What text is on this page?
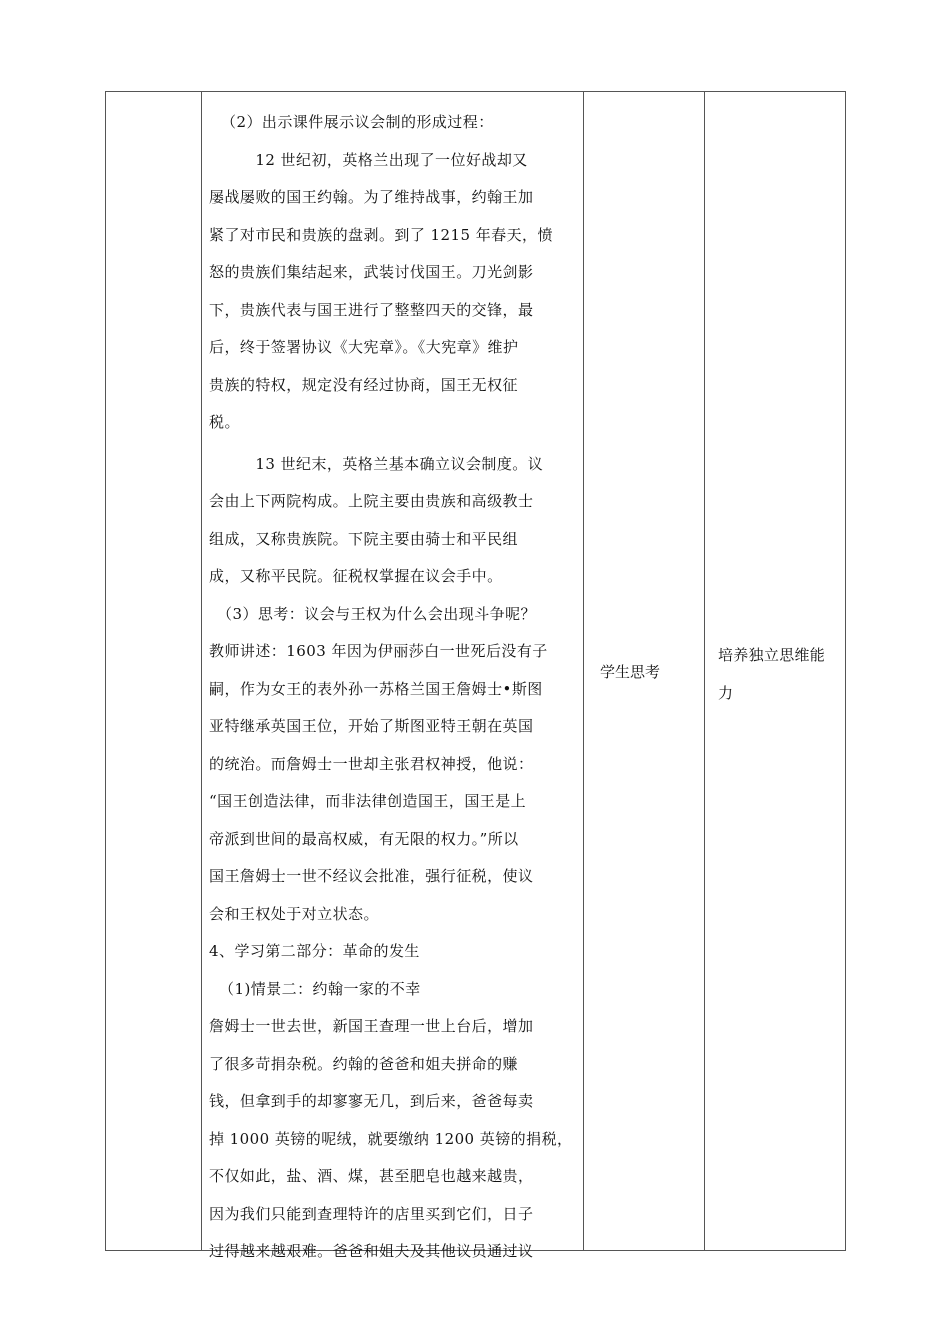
（2）出示课件展示议会制的形成过程：
　　　12 世纪初，英格兰出现了一位好战却又
屡战屡败的国王约翰。为了维持战事，约翰王加
紧了对市民和贵族的盘剥。到了 1215 年春天，愤
怒的贵族们集结起来，武装讨伐国王。刀光剑影
下，贵族代表与国王进行了整整四天的交锋，最
后，终于签署协议《大宪章》。《大宪章》维护
贵族的特权，规定没有经过协商，国王无权征
税。
　　　13 世纪末，英格兰基本确立议会制度。议
会由上下两院构成。上院主要由贵族和高级教士
组成，又称贵族院。下院主要由骑士和平民组
成，又称平民院。征税权掌握在议会手中。
（3）思考：议会与王权为什么会出现斗争呢？
教师讲述：1603 年因为伊丽莎白一世死后没有子
嗣，作为女王的表外孙一苏格兰国王詹姆士•斯图
亚特继承英国王位，开始了斯图亚特王朝在英国
的统治。而詹姆士一世却主张君权神授，他说：
“国王创造法律，而非法律创造国王，国王是上
帝派到世间的最高权威，有无限的权力。”所以
国王詹姆士一世不经议会批准，强行征税，使议
会和王权处于对立状态。
4、学习第二部分：革命的发生
（1)情景二：约翰一家的不幸
詹姆士一世去世，新国王查理一世上台后，增加
了很多苛捐杂税。约翰的爸爸和姐夫拼命的赚
钱，但拿到手的却寥寥无几，到后来，爸爸每卖
掉 1000 英镑的呢绒，就要缴纳 1200 英镑的捐税，
不仅如此，盐、酒、煤，甚至肥皂也越来越贵，
因为我们只能到查理特许的店里买到它们，日子
过得越来越艰难。爸爸和姐夫及其他议员通过议
学生思考
培养独立思维能
力
